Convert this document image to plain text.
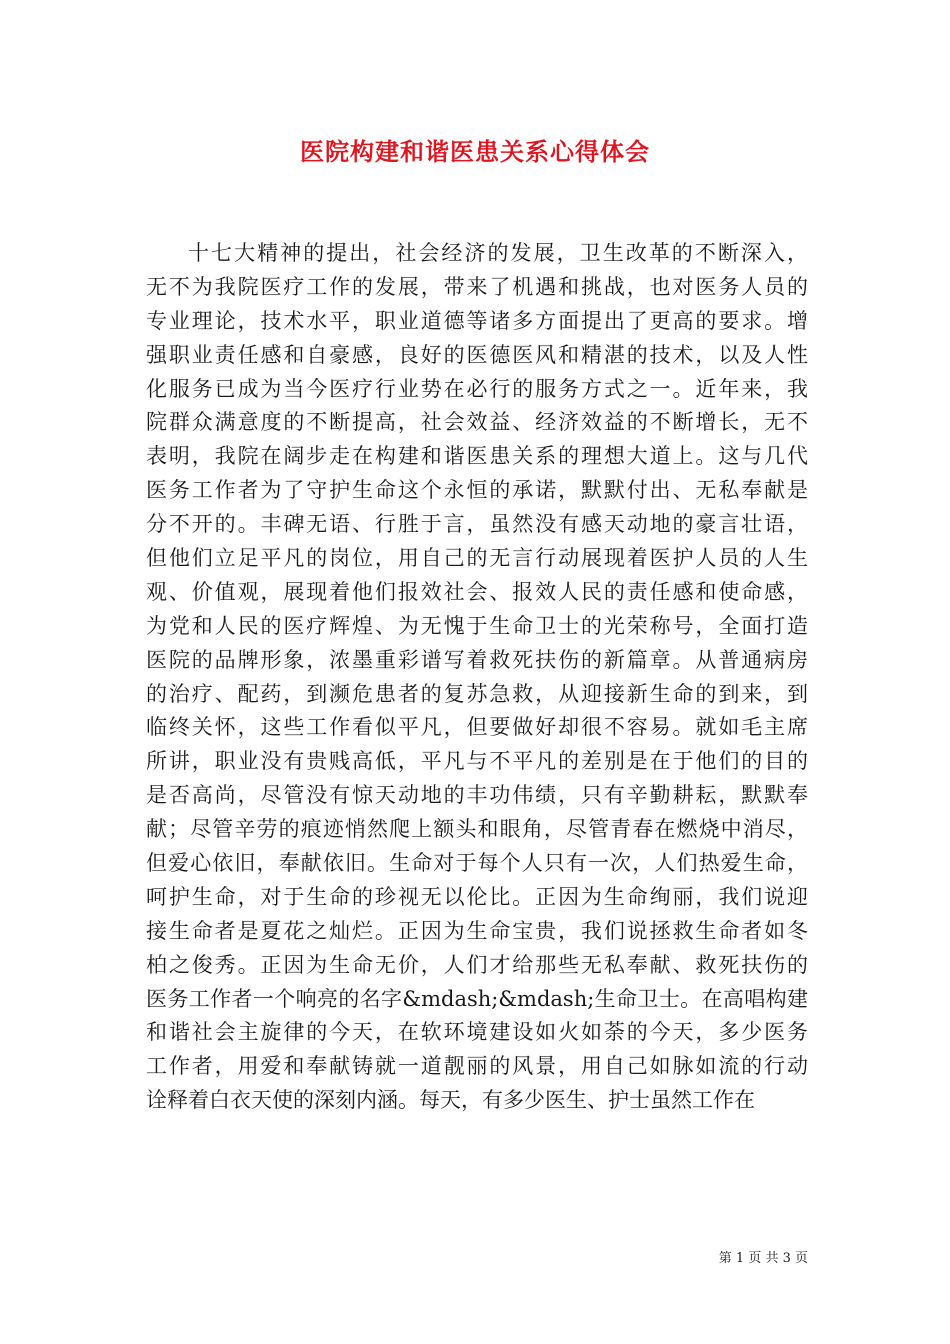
医院构建和谐医患关系心得体会
十七大精神的提出，社会经济的发展，卫生改革的不断深入，
无不为我院医疗工作的发展，带来了机遇和挑战，也对医务人员的
专业理论，技术水平，职业道德等诸多方面提出了更高的要求。增
强职业责任感和自豪感，良好的医德医风和精湛的技术，以及人性
化服务已成为当今医疗行业势在必行的服务方式之一。近年来，我
院群众满意度的不断提高，社会效益、经济效益的不断增长，无不
表明，我院在阔步走在构建和谐医患关系的理想大道上。这与几代
医务工作者为了守护生命这个永恒的承诺，默默付出、无私奉献是
分不开的。丰碑无语、行胜于言，虽然没有感天动地的豪言壮语，
但他们立足平凡的岗位，用自己的无言行动展现着医护人员的人生
观、价值观，展现着他们报效社会、报效人民的责任感和使命感，
为党和人民的医疗辉煌、为无愧于生命卫士的光荣称号，全面打造
医院的品牌形象，浓墨重彩谱写着救死扶伤的新篇章。从普通病房
的治疗、配药，到濒危患者的复苏急救，从迎接新生命的到来，到
临终关怀，这些工作看似平凡，但要做好却很不容易。就如毛主席
所讲，职业没有贵贱高低，平凡与不平凡的差别是在于他们的目的
是否高尚，尽管没有惊天动地的丰功伟绩，只有辛勤耕耘，默默奉
献；尽管辛劳的痕迹悄然爬上额头和眼角，尽管青春在燃烧中消尽，
但爱心依旧，奉献依旧。生命对于每个人只有一次，人们热爱生命，
呵护生命，对于生命的珍视无以伦比。正因为生命绚丽，我们说迎
接生命者是夏花之灿烂。正因为生命宝贵，我们说拯救生命者如冬
柏之俊秀。正因为生命无价，人们才给那些无私奉献、救死扶伤的
医务工作者一个响亮的名字&mdash;&mdash;生命卫士。在高唱构建
和谐社会主旋律的今天，在软环境建设如火如荼的今天，多少医务
工作者，用爱和奉献铸就一道靓丽的风景，用自己如脉如流的行动
诠释着白衣天使的深刻内涵。每天，有多少医生、护士虽然工作在
第 1 页 共 3 页
